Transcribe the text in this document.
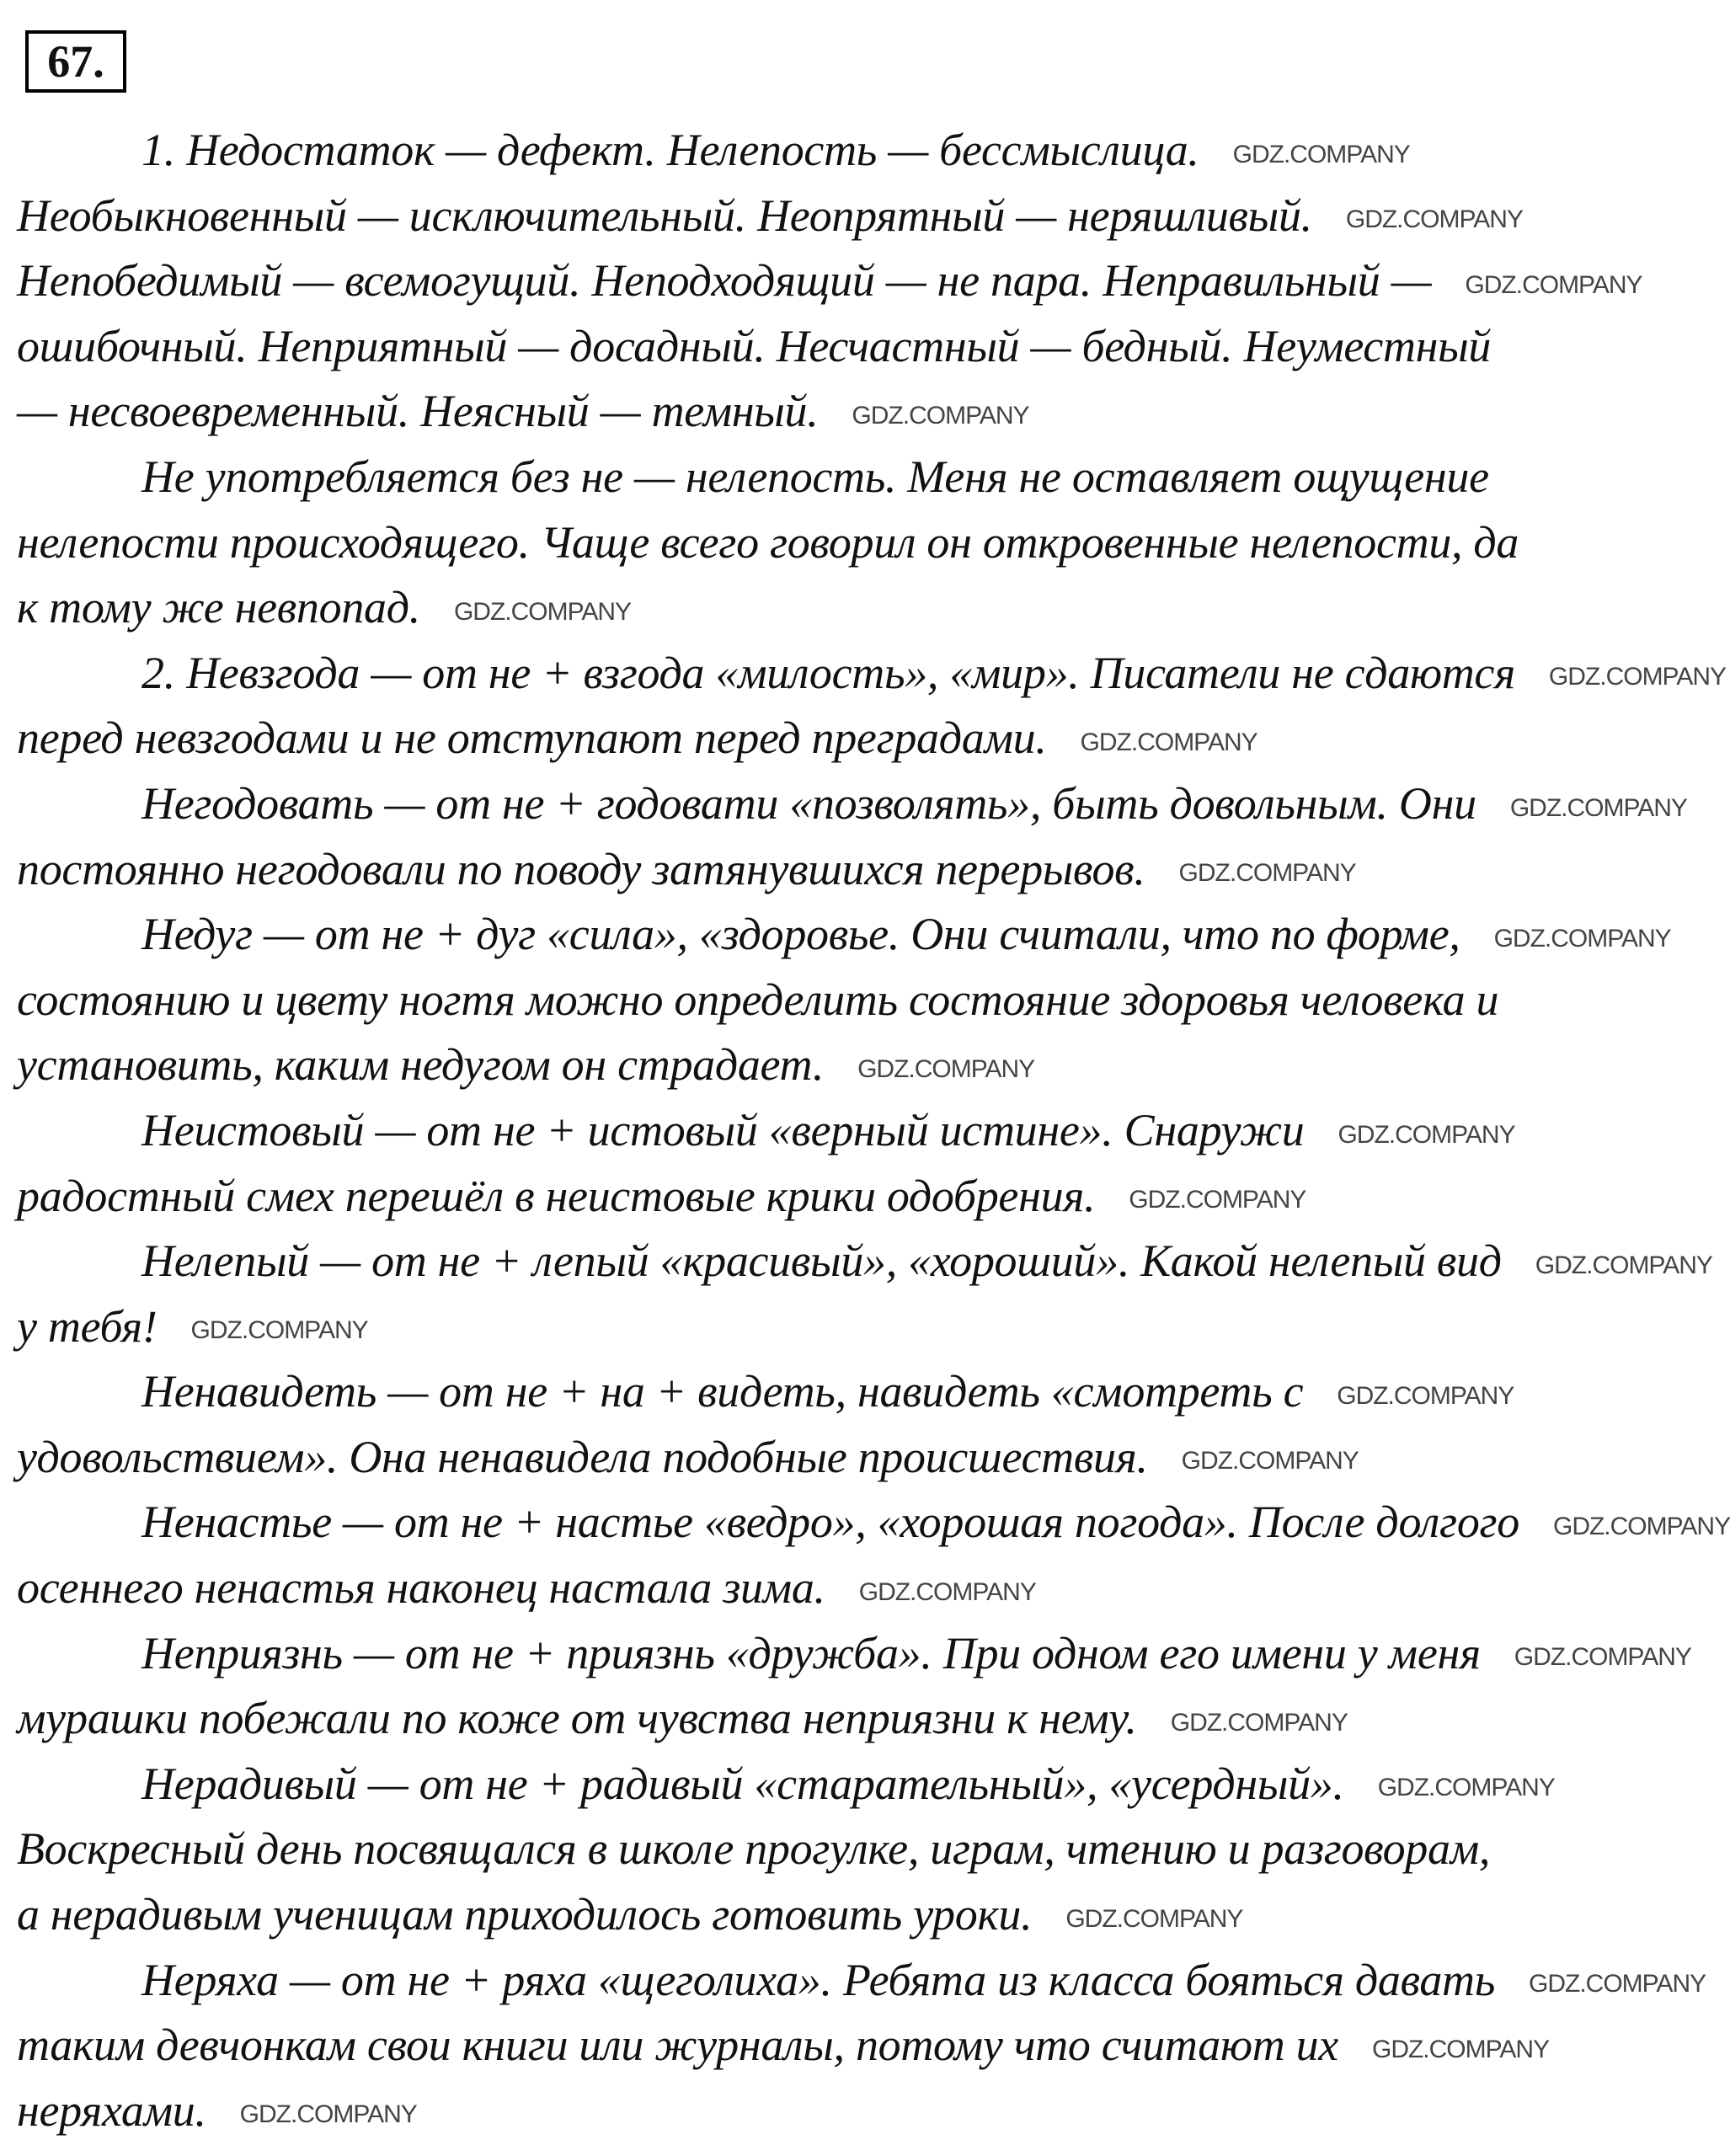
67.
1. Недостаток — дефект. Нелепость — бессмыслица. GDZ.COMPANY
Необыкновенный — исключительный. Неопрятный — неряшливый. GDZ.COMPANY
Непобедимый — всемогущий. Неподходящий — не пара. Неправильный — GDZ.COMPANY
ошибочный. Неприятный — досадный. Несчастный — бедный. Неуместный
— несвоевременный. Неясный — темный. GDZ.COMPANY
Не употребляется без не — нелепость. Меня не оставляет ощущение
нелепости происходящего. Чаще всего говорил он откровенные нелепости, да
к тому же невпопад. GDZ.COMPANY
2. Невзгода — от не + взгода «милость», «мир». Писатели не сдаются GDZ.COMPANY
перед невзгодами и не отступают перед преградами. GDZ.COMPANY
Негодовать — от не + годовати «позволять», быть довольным. Они GDZ.COMPANY
постоянно негодовали по поводу затянувшихся перерывов. GDZ.COMPANY
Недуг — от не + дуг «сила», «здоровье. Они считали, что по форме, GDZ.COMPANY
состоянию и цвету ногтя можно определить состояние здоровья человека и
установить, каким недугом он страдает. GDZ.COMPANY
Неистовый — от не + истовый «верный истине». Снаружи GDZ.COMPANY
радостный смех перешёл в неистовые крики одобрения. GDZ.COMPANY
Нелепый — от не + лепый «красивый», «хороший». Какой нелепый вид GDZ.COMPANY
у тебя! GDZ.COMPANY
Ненавидеть — от не + на + видеть, навидеть «смотреть с GDZ.COMPANY
удовольствием». Она ненавидела подобные происшествия. GDZ.COMPANY
Ненастье — от не + настье «ведро», «хорошая погода». После долгого GDZ.COMPANY
осеннего ненастья наконец настала зима. GDZ.COMPANY
Неприязнь — от не + приязнь «дружба». При одном его имени у меня GDZ.COMPANY
мурашки побежали по коже от чувства неприязни к нему. GDZ.COMPANY
Нерадивый — от не + радивый «старательный», «усердный». GDZ.COMPANY
Воскресный день посвящался в школе прогулке, играм, чтению и разговорам,
а нерадивым ученицам приходилось готовить уроки. GDZ.COMPANY
Неряха — от не + ряха «щеголиха». Ребята из класса бояться давать GDZ.COMPANY
таким девчонкам свои книги или журналы, потому что считают их GDZ.COMPANY
неряхами. GDZ.COMPANY
